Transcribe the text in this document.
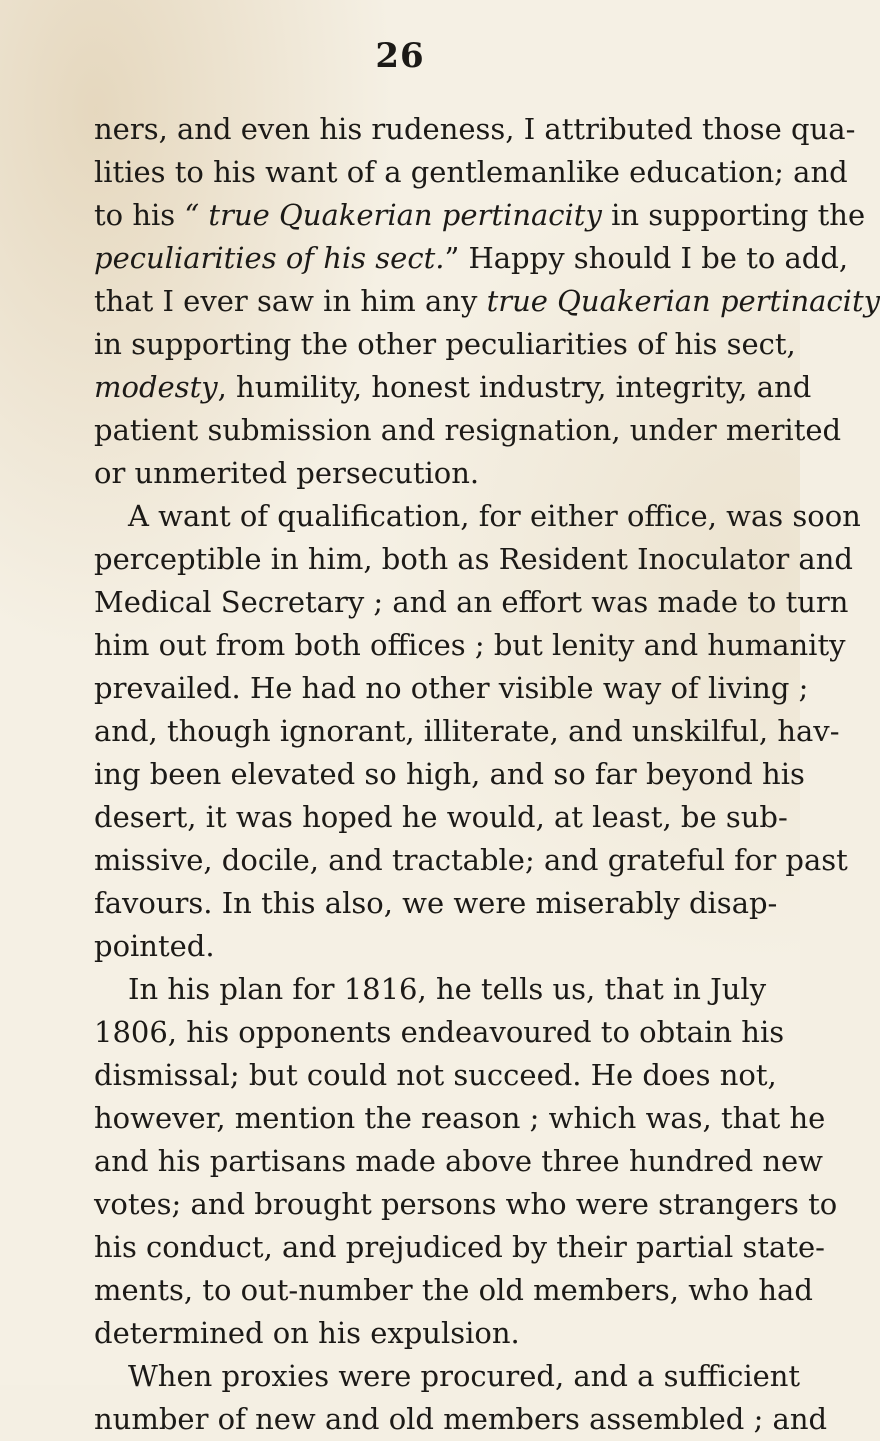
26
ners, and even his rudeness, I attributed those qua-
lities to his want of a gentlemanlike education; and
to his “ true Quakerian pertinacity in supporting the
peculiarities of his sect.” Happy should I be to add,
that I ever saw in him any true Quakerian pertinacity
in supporting the other peculiarities of his sect,
modesty, humility, honest industry, integrity, and
patient submission and resignation, under merited
or unmerited persecution.
A want of qualification, for either office, was soon
perceptible in him, both as Resident Inoculator and
Medical Secretary ; and an effort was made to turn
him out from both offices ; but lenity and humanity
prevailed. He had no other visible way of living ;
and, though ignorant, illiterate, and unskilful, hav-
ing been elevated so high, and so far beyond his
desert, it was hoped he would, at least, be sub-
missive, docile, and tractable; and grateful for past
favours. In this also, we were miserably disap-
pointed.
In his plan for 1816, he tells us, that in July
1806, his opponents endeavoured to obtain his
dismissal; but could not succeed. He does not,
however, mention the reason ; which was, that he
and his partisans made above three hundred new
votes; and brought persons who were strangers to
his conduct, and prejudiced by their partial state-
ments, to out-number the old members, who had
determined on his expulsion.
When proxies were procured, and a sufficient
number of new and old members assembled ; and
